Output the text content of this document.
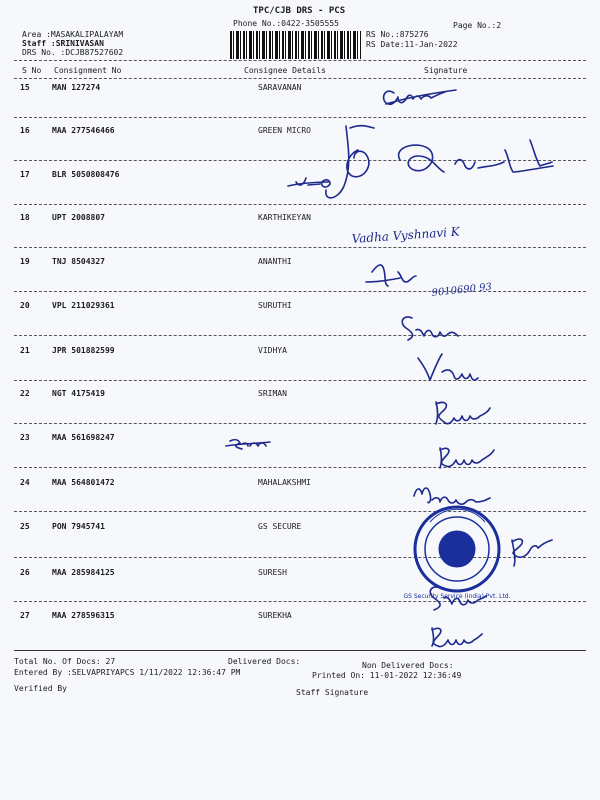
TPC/CJB DRS - PCS
Phone No.:0422-3505555	Page No.:2
Area :MASAKALIPALAYAM
Staff :SRINIVASAN
DRS No. :DCJB87527602
RS No.:875276
RS Date:11-Jan-2022
S No Consignment No	Consignee Details	Signature
15	MAN 127274	SARAVANAN
16	MAA 277546466	GREEN MICRO
17	BLR 5050808476
18	UPT 2008807	KARTHIKEYAN
19	TNJ 8504327	ANANTHI
20	VPL 211029361	SURUTHI
21	JPR 501882599	VIDHYA
22	NGT 4175419	SRIMAN
23	MAA 561698247
24	MAA 564801472	MAHALAKSHMI
25	PON 7945741	GS SECURE
26	MAA 285984125	SURESH
27	MAA 278596315	SUREKHA
Vadha Vyshnavi K
9010690 93
GS Security Service (India) Pvt. Ltd.
Total No. Of Docs: 27	Delivered Docs:	Non Delivered Docs:
Entered By :SELVAPRIYAPCS 1/11/2022 12:36:47 PM	Printed On: 11-01-2022 12:36:49
Verified By	Staff Signature
